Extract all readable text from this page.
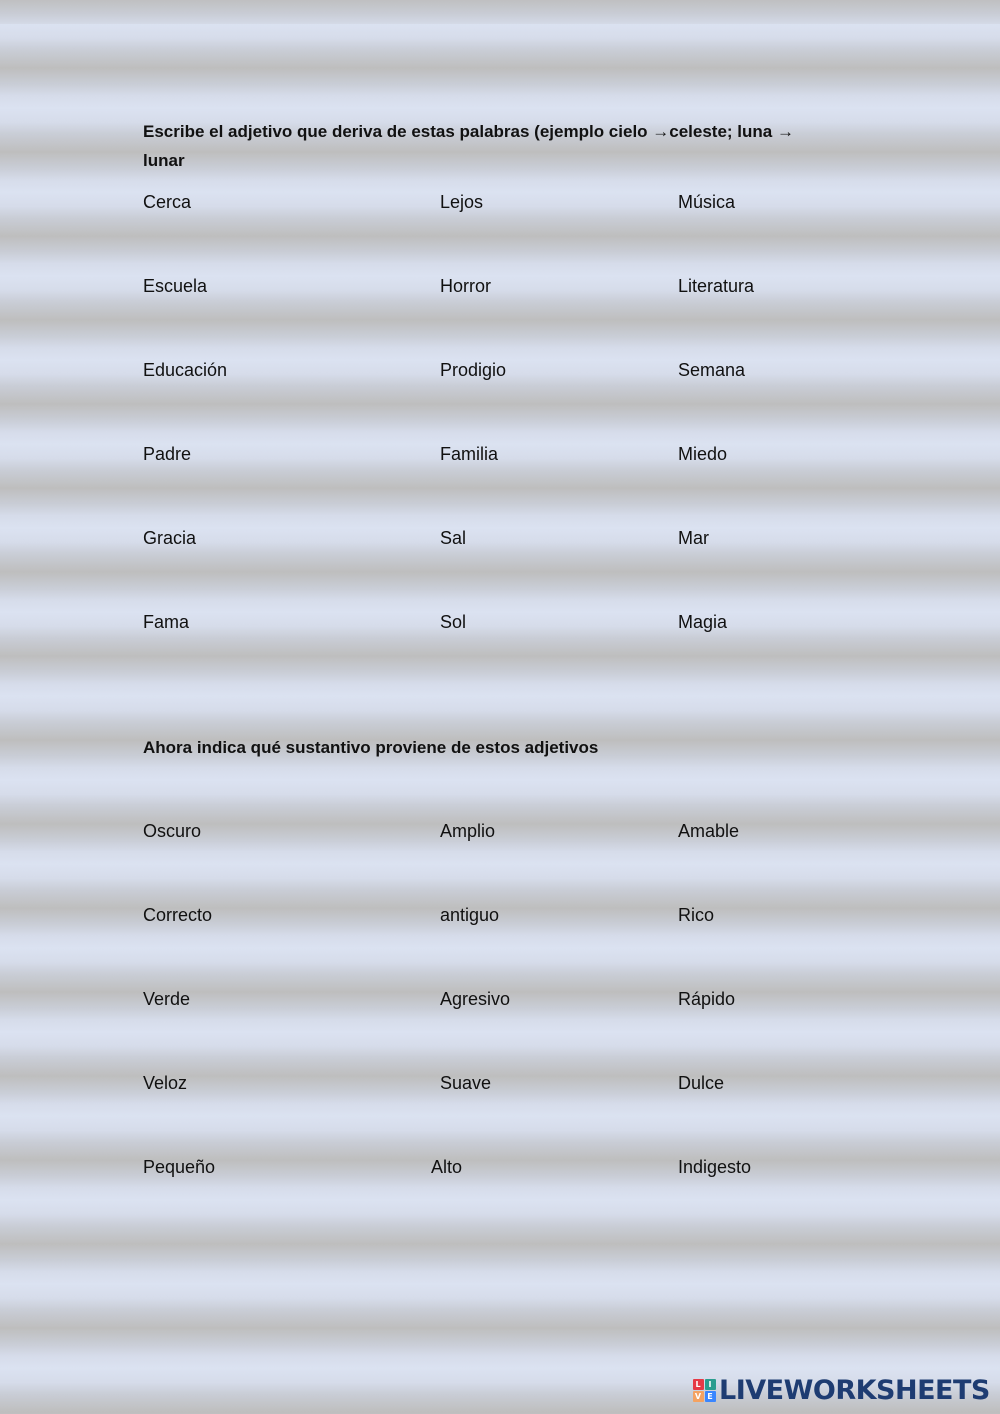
Escribe el adjetivo que deriva de estas palabras (ejemplo cielo →celeste; luna → lunar

Cerca	Lejos	Música
Escuela	Horror	Literatura
Educación	Prodigio	Semana
Padre	Familia	Miedo
Gracia	Sal	Mar
Fama	Sol	Magia

Ahora indica qué sustantivo proviene de estos adjetivos

Oscuro	Amplio	Amable
Correcto	antiguo	Rico
Verde	Agresivo	Rápido
Veloz	Suave	Dulce
Pequeño	Alto	Indigesto
L I
V E LIVEWORKSHEETS
